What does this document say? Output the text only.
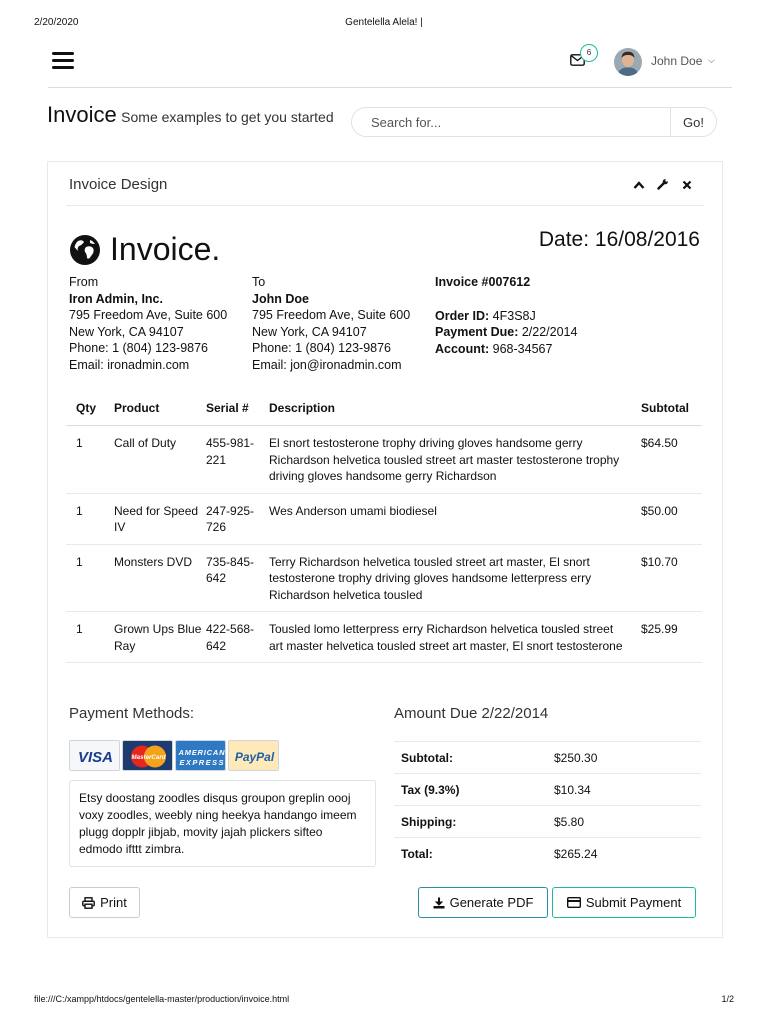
2/20/2020	Gentelella Alela! |
6
John Doe ⌵
Invoice Some examples to get you started
Search for...	Go!
Invoice Design
Invoice.	Date: 16/08/2016
From
Iron Admin, Inc.
795 Freedom Ave, Suite 600
New York, CA 94107
Phone: 1 (804) 123-9876
Email: ironadmin.com
To
John Doe
795 Freedom Ave, Suite 600
New York, CA 94107
Phone: 1 (804) 123-9876
Email: jon@ironadmin.com
Invoice #007612
Order ID: 4F3S8J
Payment Due: 2/22/2014
Account: 968-34567
Qty	Product	Serial #	Description	Subtotal
1	Call of Duty	455-981-221	El snort testosterone trophy driving gloves handsome gerry Richardson helvetica tousled street art master testosterone trophy driving gloves handsome gerry Richardson	$64.50
1	Need for Speed IV	247-925-726	Wes Anderson umami biodiesel	$50.00
1	Monsters DVD	735-845-642	Terry Richardson helvetica tousled street art master, El snort testosterone trophy driving gloves handsome letterpress erry Richardson helvetica tousled	$10.70
1	Grown Ups Blue Ray	422-568-642	Tousled lomo letterpress erry Richardson helvetica tousled street art master helvetica tousled street art master, El snort testosterone	$25.99
Payment Methods:
VISA	MasterCard
AMERICAN
EXPRESS PayPal
Etsy doostang zoodles disqus groupon greplin oooj voxy zoodles, weebly ning heekya handango imeem plugg dopplr jibjab, movity jajah plickers sifteo edmodo ifttt zimbra.
Amount Due 2/22/2014
Subtotal:	$250.30
Tax (9.3%)	$10.34
Shipping:	$5.80
Total:	$265.24
Print	Generate PDF	Submit Payment
file:///C:/xampp/htdocs/gentelella-master/production/invoice.html	1/2
